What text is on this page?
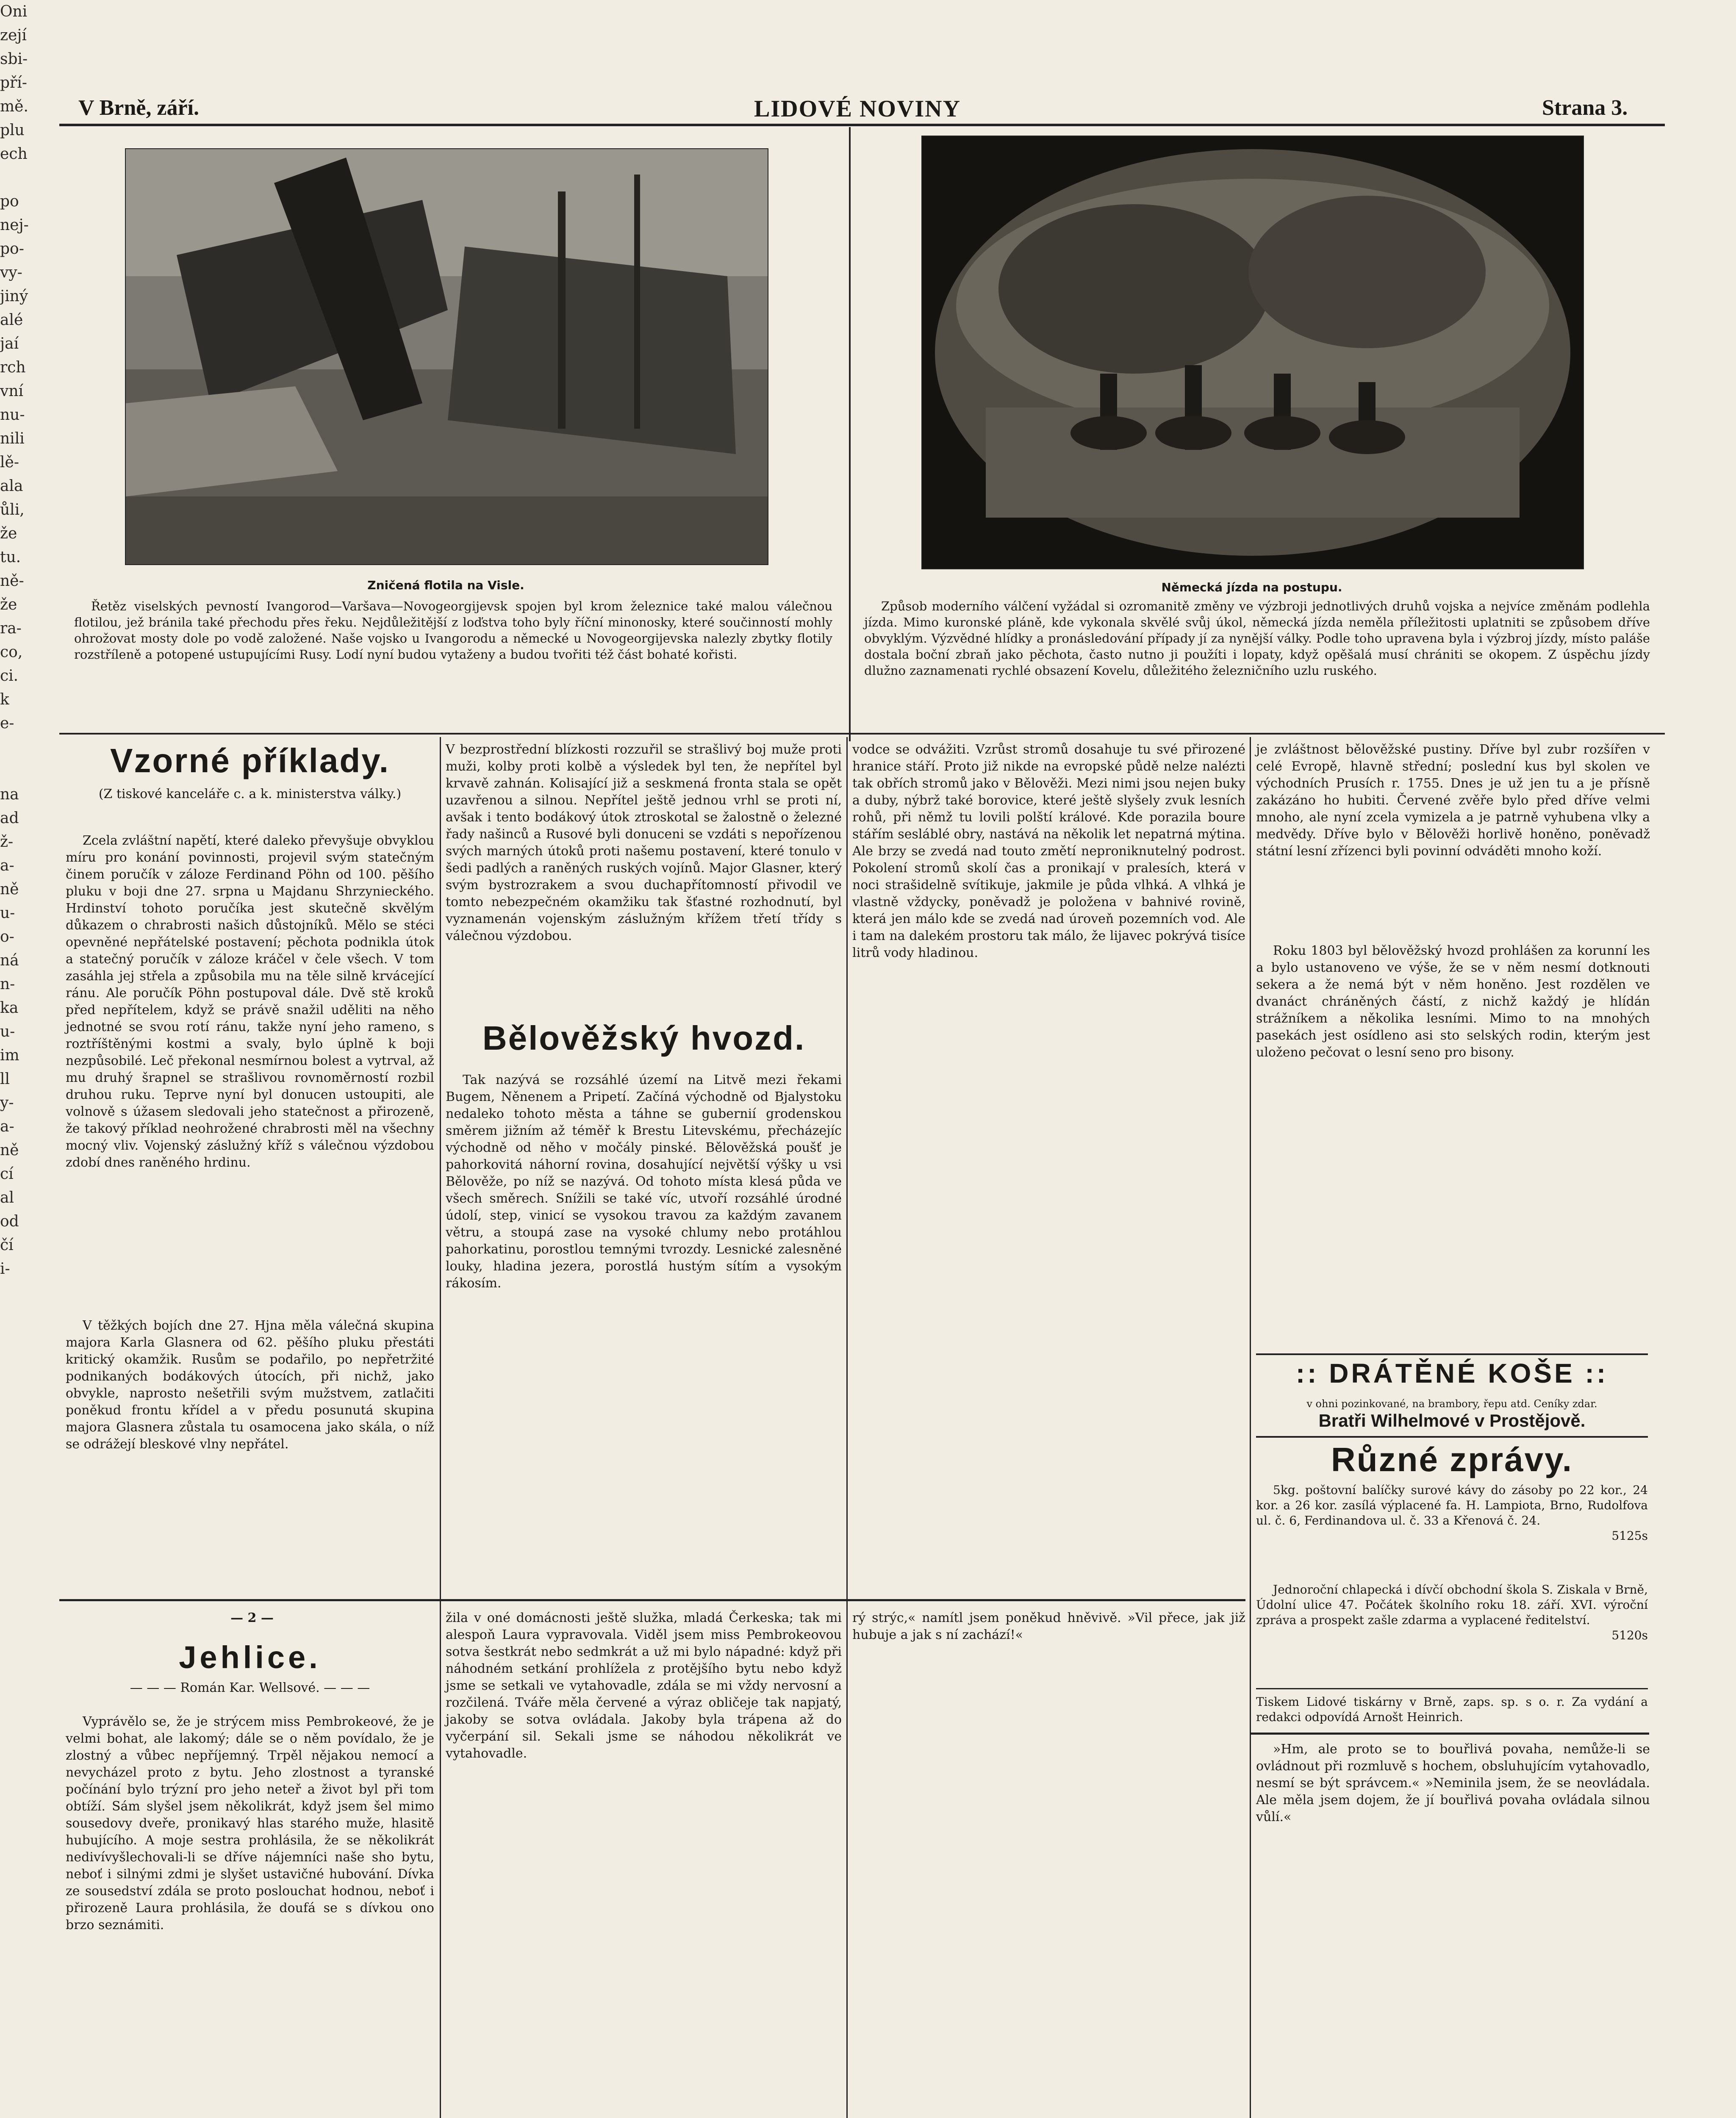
Oni
zejí
sbi-
pří-
mě.
plu
ech

po
nej-
po-
vy-
jiný
alé
jaí
rch
vní
nu-
nili
lě-
ala
ůli,
že
tu.
ně-
že
ra-
co,
ci.
k
e-

na
ad
ž-
a-
ně
u-
o-
ná
n-
ka
u-
im
ll
y-
a-
ně
cí
al
od
čí
i-

V Brně, září.	LIDOVÉ NOVINY	Strana 3.
Zničená flotila na Visle.

Řetěz viselských pevností Ivangorod—Varšava—Novogeorgijevsk spojen byl krom železnice také malou válečnou flotilou, jež bránila také přechodu přes řeku. Nejdůležitější z loďstva toho byly říční minonosky, které součinností mohly ohrožovat mosty dole po vodě založené. Naše vojsko u Ivangorodu a německé u Novogeorgijevska nalezly zbytky flotily rozstříleně a potopené ustupujícími Rusy. Lodí nyní budou vytaženy a budou tvořiti též část bohaté kořisti.

Německá jízda na postupu.

Způsob moderního válčení vyžádal si ozromanitě změny ve výzbroji jednotlivých druhů vojska a nejvíce změnám podlehla jízda. Mimo kuronské pláně, kde vykonala skvělé svůj úkol, německá jízda neměla příležitosti uplatniti se způsobem dříve obvyklým. Výzvědné hlídky a pronásledování případy jí za nynější války. Podle toho upravena byla i výzbroj jízdy, místo paláše dostala boční zbraň jako pěchota, často nutno ji použíti i lopaty, když opěšalá musí chrániti se okopem. Z úspěchu jízdy dlužno zaznamenati rychlé obsazení Kovelu, důležitého železničního uzlu ruského.

Vzorné příklady.
(Z tiskové kanceláře c. a k. ministerstva války.)

Zcela zvláštní napětí, které daleko převyšuje obvyklou míru pro konání povinnosti, projevil svým statečným činem poručík v záloze Ferdinand Pöhn od 100. pěšího pluku v boji dne 27. srpna u Majdanu Shrzynieckého. Hrdinství tohoto poručíka jest skutečně skvělým důkazem o chrabrosti našich důstojníků. Mělo se stéci opevněné nepřátelské postavení; pěchota podnikla útok a statečný poručík v záloze kráčel v čele všech. V tom zasáhla jej střela a způsobila mu na těle silně krvácející ránu. Ale poručík Pöhn postupoval dále. Dvě stě kroků před nepřítelem, když se právě snažil uděliti na něho jednotné se svou rotí ránu, takže nyní jeho rameno, s roztříštěnými kostmi a svaly, bylo úplně k boji nezpůsobilé. Leč překonal nesmírnou bolest a vytrval, až mu druhý šrapnel se strašlivou rovnoměrností rozbil druhou ruku. Teprve nyní byl donucen ustoupiti, ale volnově s úžasem sledovali jeho statečnost a přirozeně, že takový příklad neohrožené chrabrosti měl na všechny mocný vliv. Vojenský záslužný kříž s válečnou výzdobou zdobí dnes raněného hrdinu.

V těžkých bojích dne 27. Hjna měla válečná skupina majora Karla Glasnera od 62. pěšího pluku přestáti kritický okamžik. Rusům se podařilo, po nepřetržité podnikaných bodákových útocích, při nichž, jako obvykle, naprosto nešetřili svým mužstvem, zatlačiti poněkud frontu křídel a v předu posunutá skupina majora Glasnera zůstala tu osamocena jako skála, o níž se odrážejí bleskové vlny nepřátel.

V bezprostřední blízkosti rozzuřil se strašlivý boj muže proti muži, kolby proti kolbě a výsledek byl ten, že nepřítel byl krvavě zahnán. Kolisající již a seskmená fronta stala se opět uzavřenou a silnou. Nepřítel ještě jednou vrhl se proti ní, avšak i tento bodákový útok ztroskotal se žalostně o železné řady našinců a Rusové byli donuceni se vzdáti s nepořízenou svých marných útoků proti našemu postavení, které tonulo v šedi padlých a raněných ruských vojínů. Major Glasner, který svým bystrozrakem a svou duchapřítomností přivodil ve tomto nebezpečném okamžiku tak šťastné rozhodnutí, byl vyznamenán vojenským záslužným křížem třetí třídy s válečnou výzdobou.

Bělověžský hvozd.

Tak nazývá se rozsáhlé území na Litvě mezi řekami Bugem, Něnenem a Pripetí. Začíná východně od Bjalystoku nedaleko tohoto města a táhne se gubernií grodenskou směrem jižním až téměř k Brestu Litevskému, přecházejíc východně od něho v močály pinské. Bělověžská poušť je pahorkovitá náhorní rovina, dosahující největší výšky u vsi Bělověže, po níž se nazývá. Od tohoto místa klesá půda ve všech směrech. Snížili se také víc, utvoří rozsáhlé úrodné údolí, step, vinicí se vysokou travou za každým zavanem větru, a stoupá zase na vysoké chlumy nebo protáhlou pahorkatinu, porostlou temnými tvrozdy. Lesnické zalesněné louky, hladina jezera, porostlá hustým sítím a vysokým rákosím.

vodce se odvážiti. Vzrůst stromů dosahuje tu své přirozené hranice stáří. Proto již nikde na evropské půdě nelze nalézti tak obřích stromů jako v Bělověži. Mezi nimi jsou nejen buky a duby, nýbrž také borovice, které ještě slyšely zvuk lesních rohů, při němž tu lovili polští králové. Kde porazila boure stářím sesláblé obry, nastává na několik let nepatrná mýtina. Ale brzy se zvedá nad touto změtí neproniknutelný podrost. Pokolení stromů skolí čas a pronikají v pralesích, která v noci strašidelně svítikuje, jakmile je půda vlhká. A vlhká je vlastně vždycky, poněvadž je položena v bahnivé rovině, která jen málo kde se zvedá nad úroveň pozemních vod. Ale i tam na dalekém prostoru tak málo, že lijavec pokrývá tisíce litrů vody hladinou.

je zvláštnost bělověžské pustiny. Dříve byl zubr rozšířen v celé Evropě, hlavně střední; poslední kus byl skolen ve východních Prusích r. 1755. Dnes je už jen tu a je přísně zakázáno ho hubiti. Červené zvěře bylo před dříve velmi mnoho, ale nyní zcela vymizela a je patrně vyhubena vlky a medvědy. Dříve bylo v Bělověži horlivě honěno, poněvadž státní lesní zřízenci byli povinní odváděti mnoho koží.

Roku 1803 byl bělověžský hvozd prohlášen za korunní les a bylo ustanoveno ve výše, že se v něm nesmí dotknouti sekera a že nemá být v něm honěno. Jest rozdělen ve dvanáct chráněných částí, z nichž každý je hlídán strážníkem a několika lesními. Mimo to na mnohých pasekách jest osídleno asi sto selských rodin, kterým jest uloženo pečovat o lesní seno pro bisony.

:: DRÁTĚNÉ KOŠE ::
v ohni pozinkované, na brambory, řepu atd. Ceníky zdar.
Bratři Wilhelmové v Prostějově.
Různé zprávy.

5kg. poštovní balíčky surové kávy do zásoby po 22 kor., 24 kor. a 26 kor. zasílá výplacené fa. H. Lampiota, Brno, Rudolfova ul. č. 6, Ferdinandova ul. č. 33 a Křenová č. 24.

5125s

Jednoroční chlapecká i dívčí obchodní škola S. Ziskala v Brně, Údolní ulice 47. Počátek školního roku 18. září. XVI. výroční zpráva a prospekt zašle zdarma a vyplacené ředitelství.

5120s

Tiskem Lidové tiskárny v Brně, zaps. sp. s o. r. Za vydání a redakci odpovídá Arnošt Heinrich.

— 2 —
Jehlice.
— — — Román Kar. Wellsové. — — —

Vyprávělo se, že je strýcem miss Pembrokeové, že je velmi bohat, ale lakomý; dále se o něm povídalo, že je zlostný a vůbec nepříjemný. Trpěl nějakou nemocí a nevycházel proto z bytu. Jeho zlostnost a tyranské počínání bylo trýzní pro jeho neteř a život byl při tom obtíží. Sám slyšel jsem několikrát, když jsem šel mimo sousedovy dveře, pronikavý hlas starého muže, hlasitě hubujícího. A moje sestra prohlásila, že se několikrát nedivívyšlechovali-li se dříve nájemníci naše sho bytu, neboť i silnými zdmi je slyšet ustavičné hubování. Dívka ze sousedství zdála se proto poslouchat hodnou, neboť i přirozeně Laura prohlásila, že doufá se s dívkou ono brzo seznámiti.

žila v oné domácnosti ještě služka, mladá Čerkeska; tak mi alespoň Laura vypravovala. Viděl jsem miss Pembrokeovou sotva šestkrát nebo sedmkrát a už mi bylo nápadné: když při náhodném setkání prohlížela z protějšího bytu nebo když jsme se setkali ve vytahovadle, zdála se mi vždy nervosní a rozčilená. Tváře měla červené a výraz obličeje tak napjatý, jakoby se sotva ovládala. Jakoby byla trápena až do vyčerpání sil. Sekali jsme se náhodou několikrát ve vytahovadle.

rý strýc,« namítl jsem poněkud hněvivě. »Vil přece, jak již hubuje a jak s ní zachází!«

»Hm, ale proto se to bouřlivá povaha, nemůže-li se ovládnout při rozmluvě s hochem, obsluhujícím vytahovadlo, nesmí se být správcem.« »Neminila jsem, že se neovládala. Ale měla jsem dojem, že jí bouřlivá povaha ovládala silnou vůlí.«
